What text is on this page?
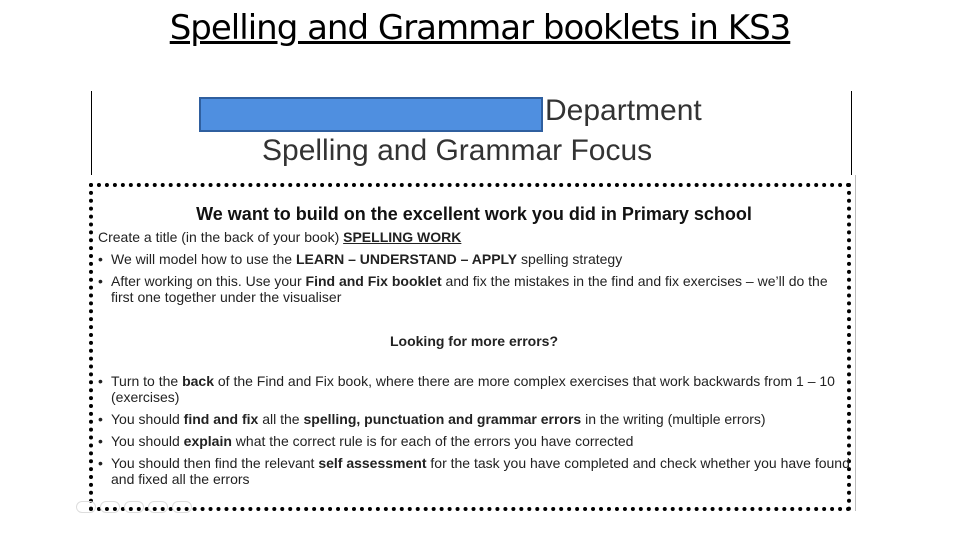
Spelling and Grammar booklets in KS3
Department
Spelling and Grammar Focus
We want to build on the excellent work you did in Primary school

Create a title (in the back of your book) SPELLING WORK

• We will model how to use the LEARN – UNDERSTAND – APPLY spelling strategy
• After working on this. Use your Find and Fix booklet and fix the mistakes in the find and fix exercises – we’ll do the first one together under the visualiser

Looking for more errors?

• Turn to the back of the Find and Fix book, where there are more complex exercises that work backwards from 1 – 10 (exercises)
• You should find and fix all the spelling, punctuation and grammar errors in the writing (multiple errors)
• You should explain what the correct rule is for each of the errors you have corrected
• You should then find the relevant self assessment for the task you have completed and check whether you have found and fixed all the errors
